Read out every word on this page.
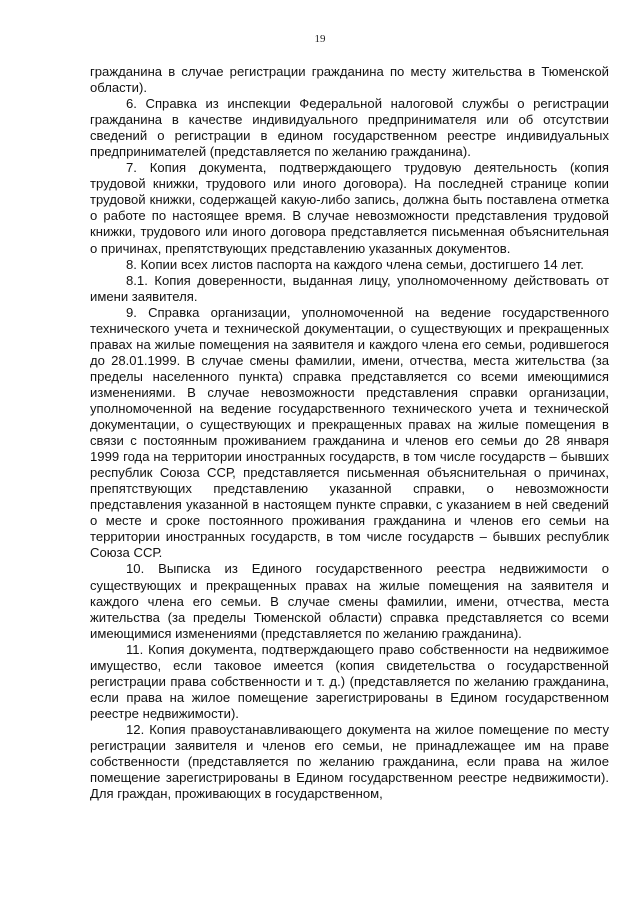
19

гражданина в случае регистрации гражданина по месту жительства в Тюменской области).

6. Справка из инспекции Федеральной налоговой службы о регистрации гражданина в качестве индивидуального предпринимателя или об отсутствии сведений о регистрации в едином государственном реестре индивидуальных предпринимателей (представляется по желанию гражданина).

7. Копия документа, подтверждающего трудовую деятельность (копия трудовой книжки, трудового или иного договора). На последней странице копии трудовой книжки, содержащей какую-либо запись, должна быть поставлена отметка о работе по настоящее время. В случае невозможности представления трудовой книжки, трудового или иного договора представляется письменная объяснительная о причинах, препятствующих представлению указанных документов.

8. Копии всех листов паспорта на каждого члена семьи, достигшего 14 лет.

8.1. Копия доверенности, выданная лицу, уполномоченному действовать от имени заявителя.

9. Справка организации, уполномоченной на ведение государственного технического учета и технической документации, о существующих и прекращенных правах на жилые помещения на заявителя и каждого члена его семьи, родившегося до 28.01.1999. В случае смены фамилии, имени, отчества, места жительства (за пределы населенного пункта) справка представляется со всеми имеющимися изменениями. В случае невозможности представления справки организации, уполномоченной на ведение государственного технического учета и технической документации, о существующих и прекращенных правах на жилые помещения в связи с постоянным проживанием гражданина и членов его семьи до 28 января 1999 года на территории иностранных государств, в том числе государств – бывших республик Союза ССР, представляется письменная объяснительная о причинах, препятствующих представлению указанной справки, о невозможности представления указанной в настоящем пункте справки, с указанием в ней сведений о месте и сроке постоянного проживания гражданина и членов его семьи на территории иностранных государств, в том числе государств – бывших республик Союза ССР.

10. Выписка из Единого государственного реестра недвижимости о существующих и прекращенных правах на жилые помещения на заявителя и каждого члена его семьи. В случае смены фамилии, имени, отчества, места жительства (за пределы Тюменской области) справка представляется со всеми имеющимися изменениями (представляется по желанию гражданина).

11. Копия документа, подтверждающего право собственности на недвижимое имущество, если таковое имеется (копия свидетельства о государственной регистрации права собственности и т. д.) (представляется по желанию гражданина, если права на жилое помещение зарегистрированы в Едином государственном реестре недвижимости).

12. Копия правоустанавливающего документа на жилое помещение по месту регистрации заявителя и членов его семьи, не принадлежащее им на праве собственности (представляется по желанию гражданина, если права на жилое помещение зарегистрированы в Едином государственном реестре недвижимости). Для граждан, проживающих в государственном,
